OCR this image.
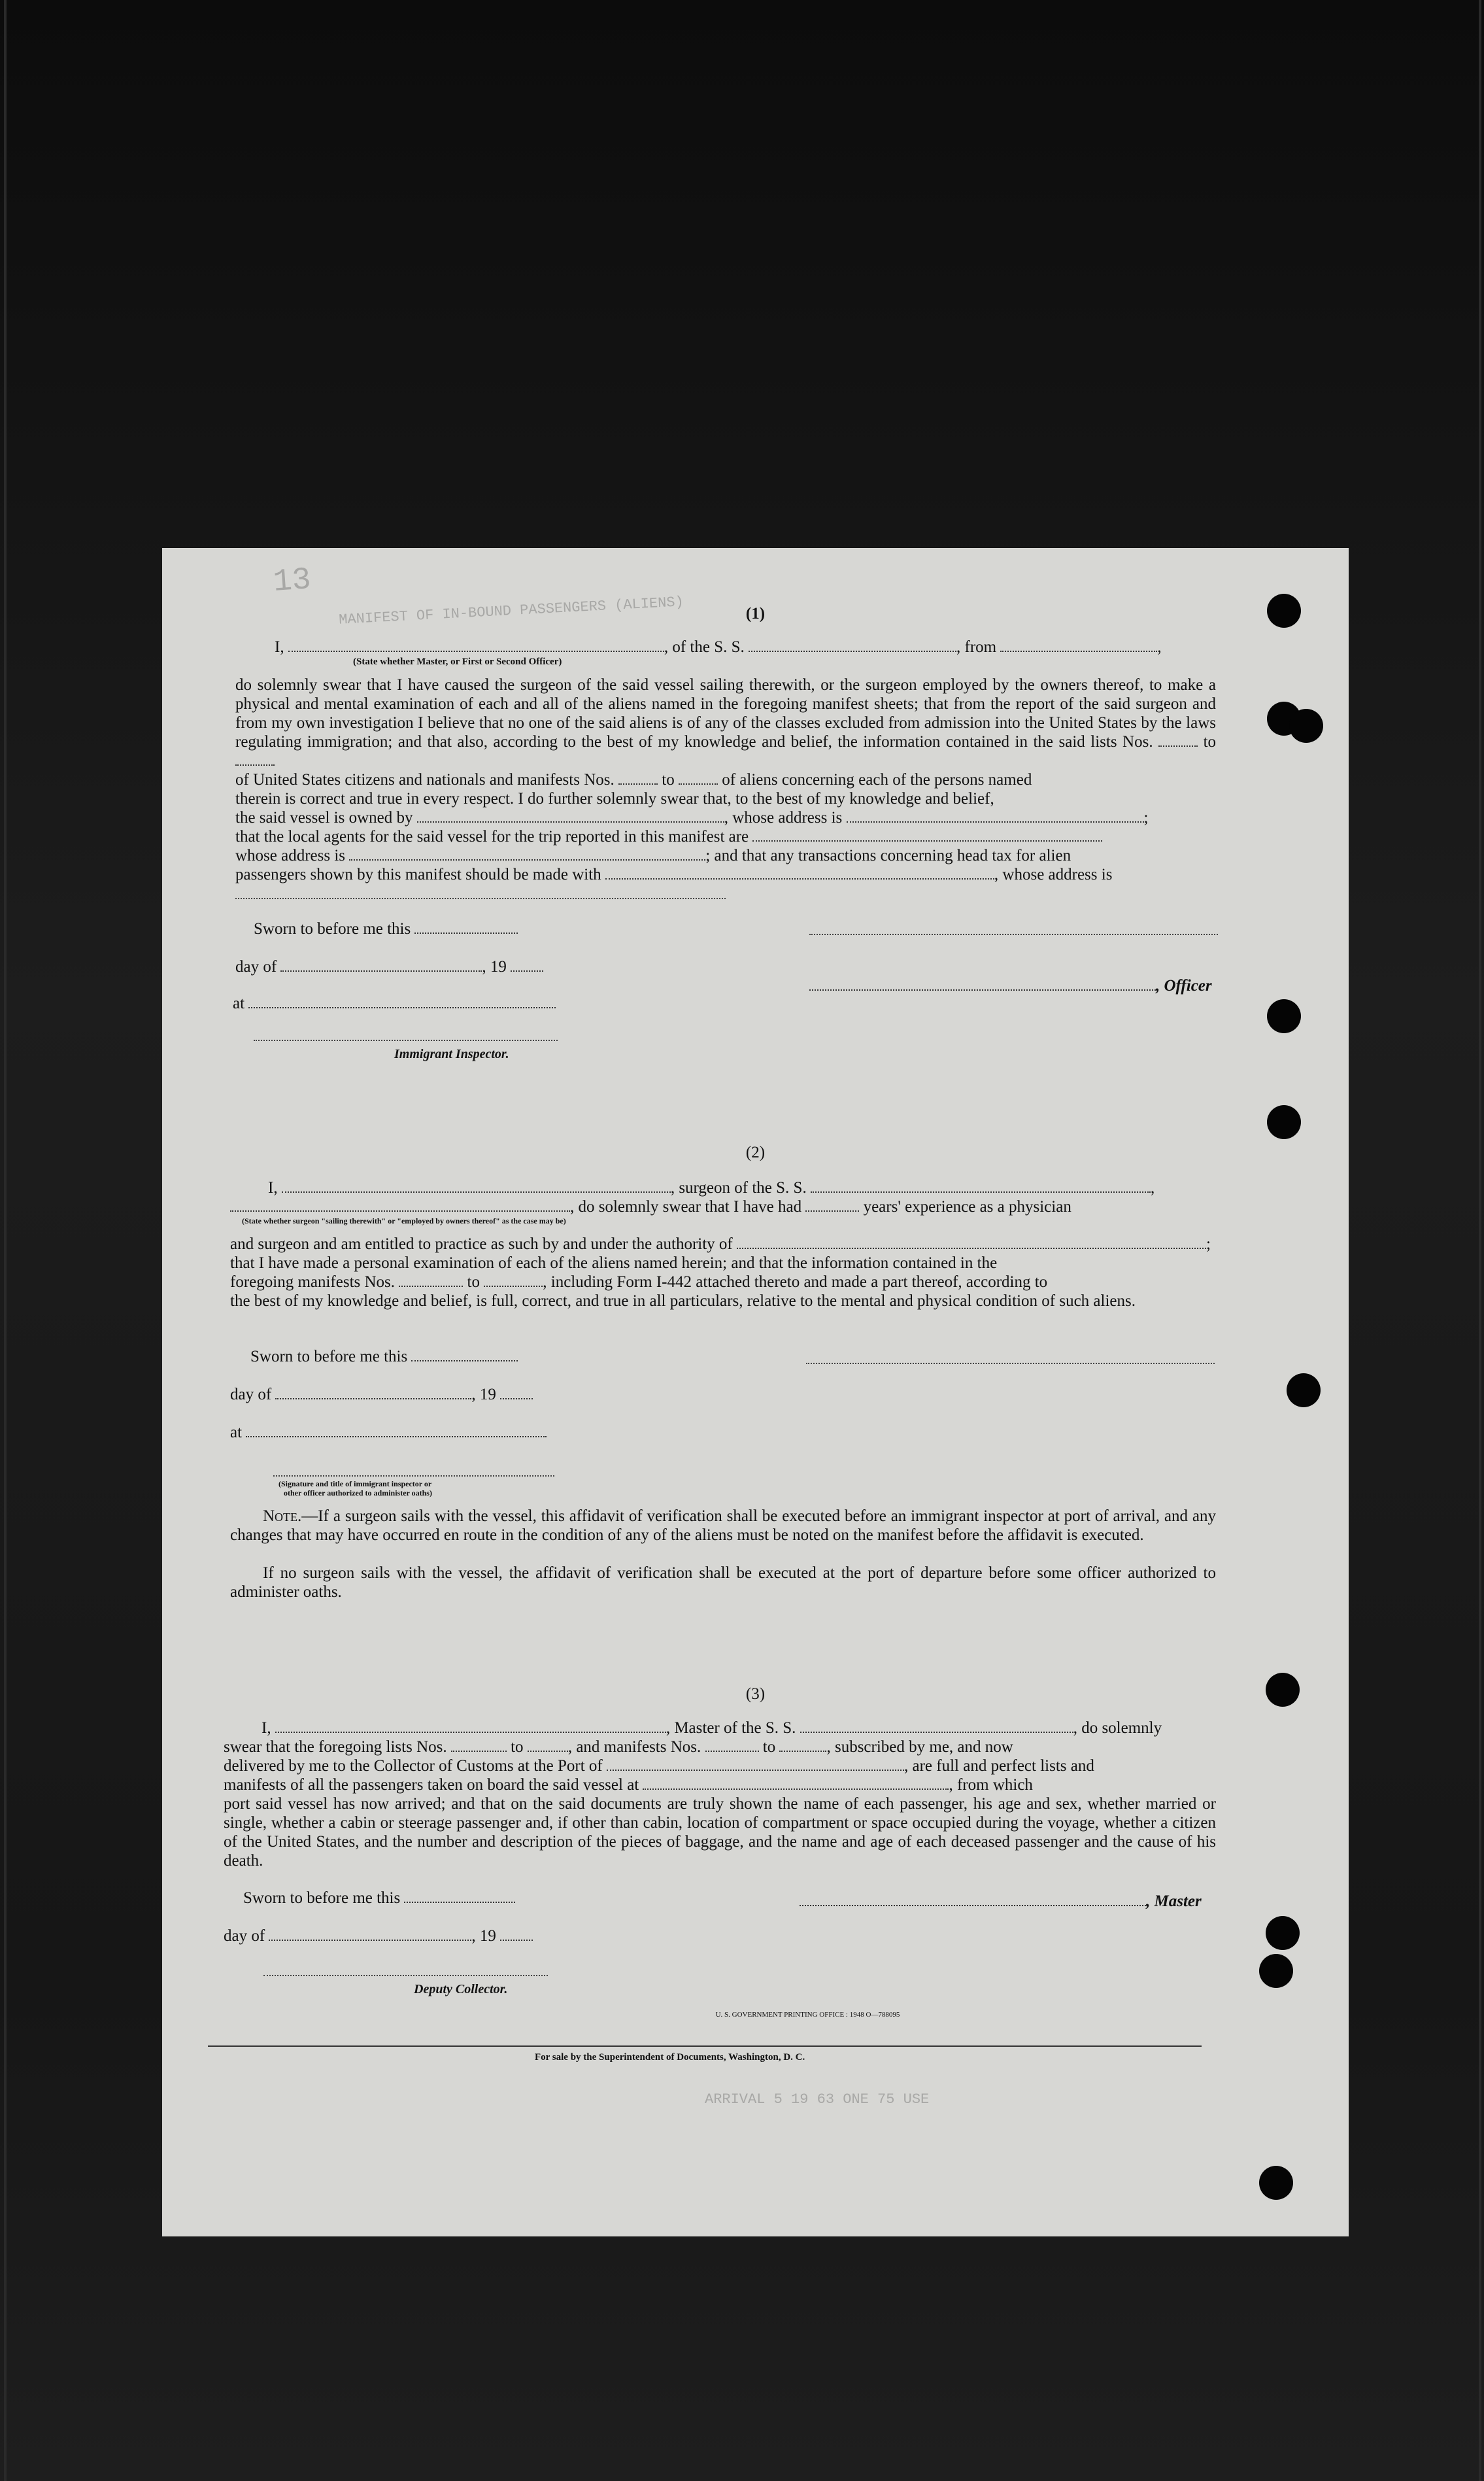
13
MANIFEST OF IN-BOUND PASSENGERS (ALIENS)
ARRIVAL 5 19 63 ONE 75 USE
(1)
I,	, of the S. S.	, from	,
(State whether Master, or First or Second Officer)
do solemnly swear that I have caused the surgeon of the said vessel sailing therewith, or the surgeon employed by the owners thereof, to make a physical and mental examination of each and all of the aliens named in the foregoing manifest sheets; that from the report of the said surgeon and from my own investigation I believe that no one of the said aliens is of any of the classes excluded from admission into the United States by the laws regulating immigration; and that also, according to the best of my knowledge and belief, the information contained in the said lists Nos.	to
of United States citizens and nationals and manifests Nos.	to	of aliens concerning each of the persons named
therein is correct and true in every respect. I do further solemnly swear that, to the best of my knowledge and belief,
the said vessel is owned by	, whose address is	;
that the local agents for the said vessel for the trip reported in this manifest are
whose address is	; and that any transactions concerning head tax for alien
passengers shown by this manifest should be made with	, whose address is
Sworn to before me this
day of	, 19
, Officer
at
Immigrant Inspector.
(2)
I,	, surgeon of the S. S.	,
, do solemnly swear that I have had	years' experience as a physician
(State whether surgeon "sailing therewith" or "employed by owners thereof" as the case may be)
and surgeon and am entitled to practice as such by and under the authority of	;
that I have made a personal examination of each of the aliens named herein; and that the information contained in the
foregoing manifests Nos.	to	, including Form I-442 attached thereto and made a part thereof, according to
the best of my knowledge and belief, is full, correct, and true in all particulars, relative to the mental and physical condition of such aliens.
Sworn to before me this
day of	, 19
at
(Signature and title of immigrant inspector or
other officer authorized to administer oaths)
Note.—If a surgeon sails with the vessel, this affidavit of verification shall be executed before an immigrant inspector at port of arrival, and any changes that may have occurred en route in the condition of any of the aliens must be noted on the manifest before the affidavit is executed.
If no surgeon sails with the vessel, the affidavit of verification shall be executed at the port of departure before some officer authorized to administer oaths.
(3)
I,	, Master of the S. S.	, do solemnly
swear that the foregoing lists Nos.	to	, and manifests Nos.	to	, subscribed by me, and now
delivered by me to the Collector of Customs at the Port of	, are full and perfect lists and
manifests of all the passengers taken on board the said vessel at	, from which
port said vessel has now arrived; and that on the said documents are truly shown the name of each passenger, his age and sex, whether married or single, whether a cabin or steerage passenger and, if other than cabin, location of compartment or space occupied during the voyage, whether a citizen of the United States, and the number and description of the pieces of baggage, and the name and age of each deceased passenger and the cause of his death.
Sworn to before me this	, Master
day of	, 19
Deputy Collector.
U. S. GOVERNMENT PRINTING OFFICE : 1948 O—788095
For sale by the Superintendent of Documents, Washington, D. C.
